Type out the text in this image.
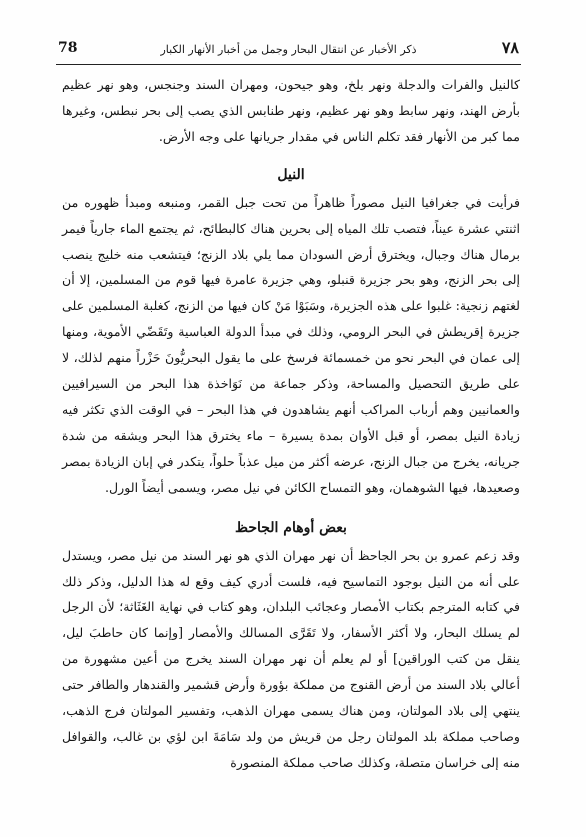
78	ذكر الأخبار عن انتقال البحار وجمل من أخبار الأنهار الكبار	٧٨

كالنيل والفرات والدجلة ونهر بلخ، وهو جيحون، ومهران السند وجنجس، وهو نهر عظيم بأرض الهند، ونهر سابط وهو نهر عظيم، ونهر طنابس الذي يصب إلى بحر نبطس، وغيرها مما كبر من الأنهار فقد تكلم الناس في مقدار جريانها على وجه الأرض.

النيل

فرأيت في جغرافيا النيل مصوراً ظاهراً من تحت جبل القمر، ومنبعه ومبدأ ظهوره من اثنتي عشرة عيناً، فتصب تلك المياه إلى بحرين هناك كالبطائح، ثم يجتمع الماء جارياً فيمر برمال هناك وجبال، ويخترق أرض السودان مما يلي بلاد الزنج؛ فيتشعب منه خليج ينصب إلى بحر الزنج، وهو بحر جزيرة قنبلو، وهي جزيرة عامرة فيها قوم من المسلمين، إلا أن لغتهم زنجية: غلبوا على هذه الجزيرة، وسَبَوْا مَنْ كان فيها من الزنج، كغلبة المسلمين على جزيرة إقريطش في البحر الرومي، وذلك في مبدأ الدولة العباسية وتَقَضّي الأموية، ومنها إلى عمان في البحر نحو من خمسمائة فرسخ على ما يقول البحريُّونَ حَزْراً منهم لذلك، لا على طريق التحصيل والمساحة، وذكر جماعة من نَوَاخذة هذا البحر من السيرافيين والعمانيين وهم أرباب المراكب أنهم يشاهدون في هذا البحر – في الوقت الذي تكثر فيه زيادة النيل بمصر، أو قبل الأوان بمدة يسيرة – ماء يخترق هذا البحر ويشقه من شدة جريانه، يخرج من جبال الزنج، عرضه أكثر من ميل عذباً حلواً، يتكدر في إبان الزيادة بمصر وصعيدها، فيها الشوهمان، وهو التمساح الكائن في نيل مصر، ويسمى أيضاً الورل.

بعض أوهام الجاحظ

وقد زعم عمرو بن بحر الجاحظ أن نهر مهران الذي هو نهر السند من نيل مصر، ويستدل على أنه من النيل بوجود التماسيح فيه، فلست أدري كيف وقع له هذا الدليل، وذكر ذلك في كتابه المترجم بكتاب الأمصار وعجائب البلدان، وهو كتاب في نهاية الغَثَاثة؛ لأن الرجل لم يسلك البحار، ولا أكثر الأسفار، ولا تَقَرَّى المسالك والأمصار [وإنما كان حاطبَ ليل، ينقل من كتب الوراقين] أو لم يعلم أن نهر مهران السند يخرج من أعين مشهورة من أعالي بلاد السند من أرض القنوج من مملكة بؤورة وأرض قشمير والقندهار والطافر حتى ينتهي إلى بلاد المولتان، ومن هناك يسمى مهران الذهب، وتفسير المولتان فرج الذهب، وصاحب مملكة بلد المولتان رجل من قريش من ولد سَامَةَ ابن لؤي بن غالب، والقوافل منه إلى خراسان متصلة، وكذلك صاحب مملكة المنصورة
